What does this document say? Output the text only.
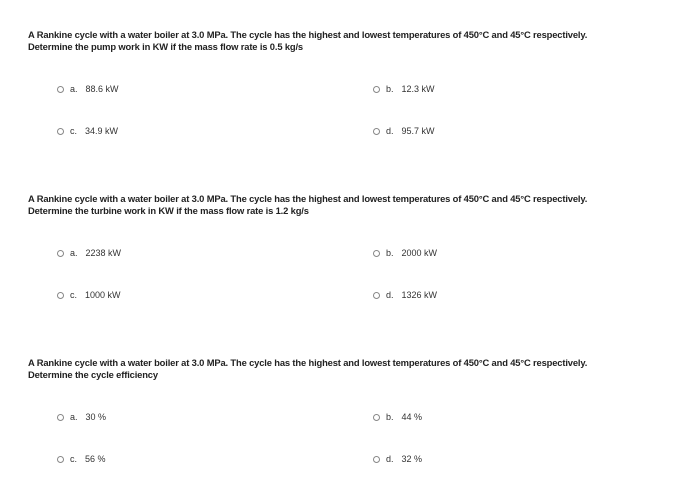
A Rankine cycle with a water boiler at 3.0 MPa. The cycle has the highest and lowest temperatures of 450°C and 45°C respectively.
Determine the pump work in KW if the mass flow rate is 0.5 kg/s
a. 88.6 kW	b. 12.3 kW
c. 34.9 kW	d. 95.7 kW
A Rankine cycle with a water boiler at 3.0 MPa. The cycle has the highest and lowest temperatures of 450°C and 45°C respectively.
Determine the turbine work in KW if the mass flow rate is 1.2 kg/s
a. 2238 kW	b. 2000 kW
c. 1000 kW	d. 1326 kW
A Rankine cycle with a water boiler at 3.0 MPa. The cycle has the highest and lowest temperatures of 450°C and 45°C respectively.
Determine the cycle efficiency
a. 30 %	b. 44 %
c. 56 %	d. 32 %
